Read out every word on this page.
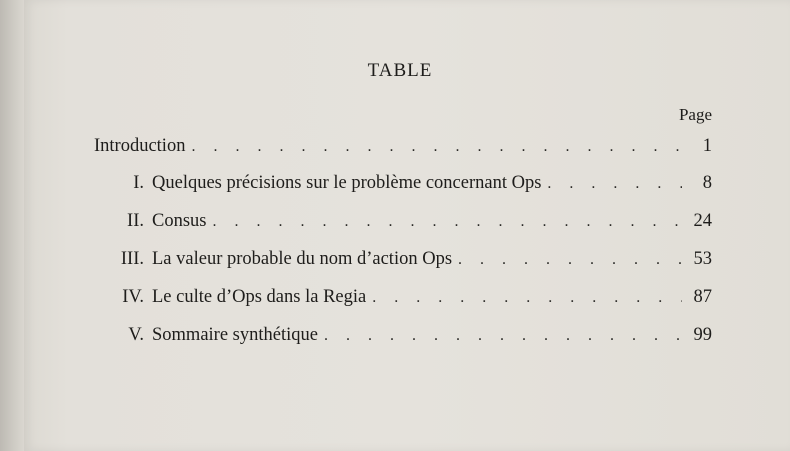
TABLE
Page
Introduction . . .	1
I. Quelques précisions sur le problème concernant Ops . . .	8
II. Consus . . .	24
III. La valeur probable du nom d’action Ops . . .	53
IV. Le culte d’Ops dans la Regia . . .	87
V. Sommaire synthétique . . .	99
